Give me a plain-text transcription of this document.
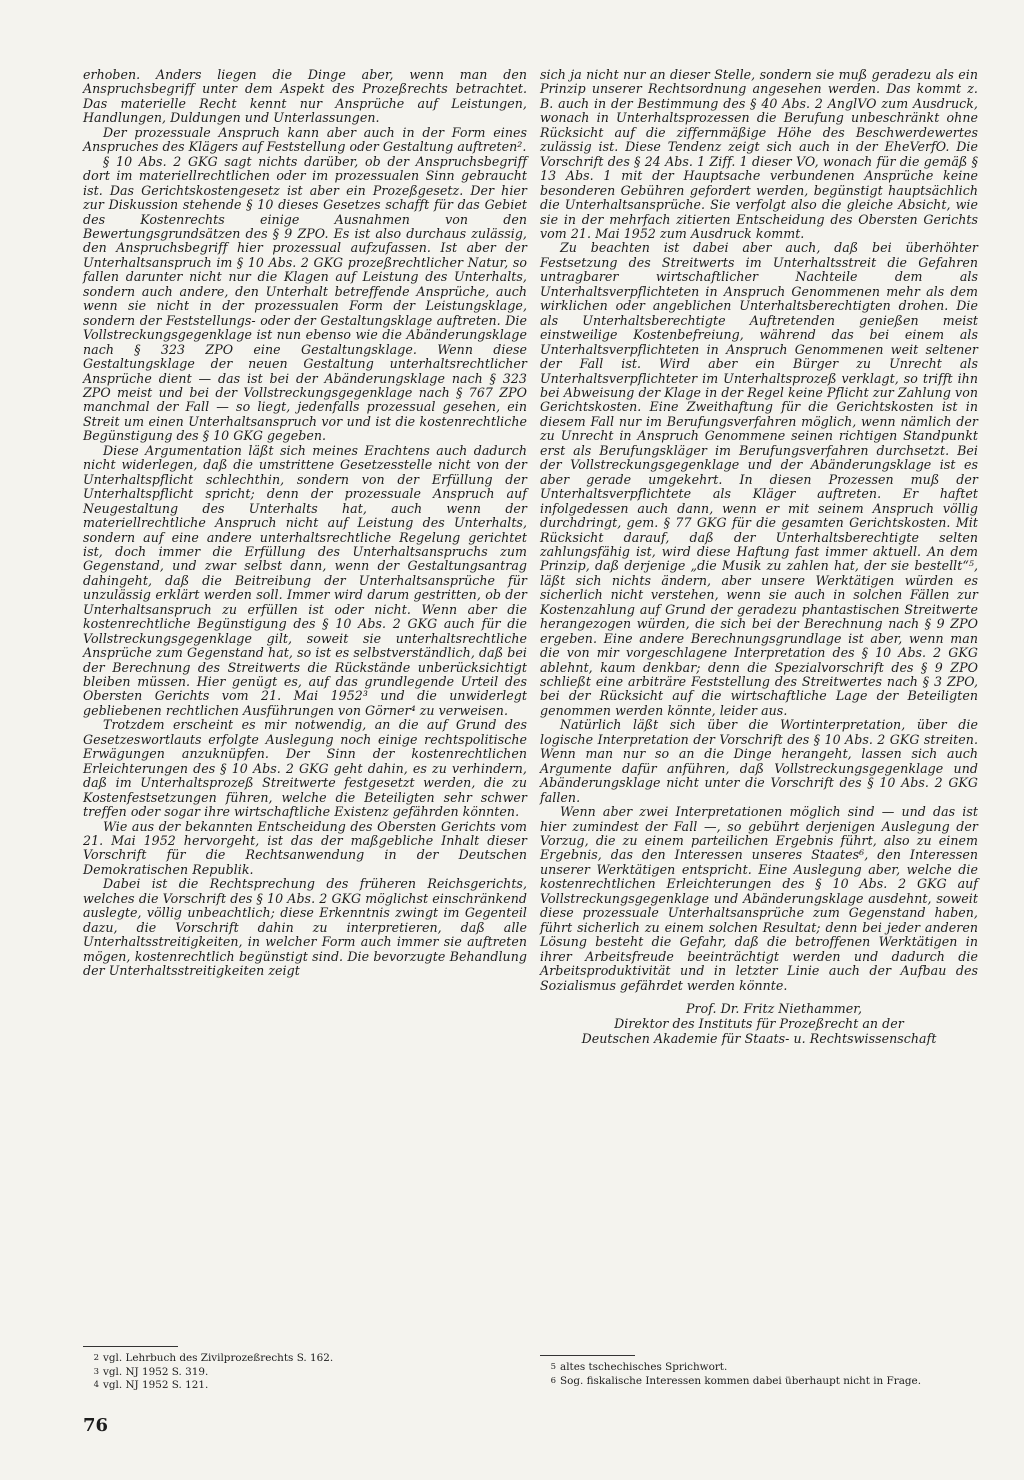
erhoben. Anders liegen die Dinge aber, wenn man den Anspruchsbegriff unter dem Aspekt des Prozeßrechts betrachtet. Das materielle Recht kennt nur Ansprüche auf Leistungen, Handlungen, Duldungen und Unterlassungen.

Der prozessuale Anspruch kann aber auch in der Form eines Anspruches des Klägers auf Feststellung oder Gestaltung auftreten².

§ 10 Abs. 2 GKG sagt nichts darüber, ob der Anspruchsbegriff dort im materiellrechtlichen oder im prozessualen Sinn gebraucht ist. Das Gerichtskostengesetz ist aber ein Prozeßgesetz. Der hier zur Diskussion stehende § 10 dieses Gesetzes schafft für das Gebiet des Kostenrechts einige Ausnahmen von den Bewertungsgrundsätzen des § 9 ZPO. Es ist also durchaus zulässig, den Anspruchsbegriff hier prozessual aufzufassen. Ist aber der Unterhaltsanspruch im § 10 Abs. 2 GKG prozeßrechtlicher Natur, so fallen darunter nicht nur die Klagen auf Leistung des Unterhalts, sondern auch andere, den Unterhalt betreffende Ansprüche, auch wenn sie nicht in der prozessualen Form der Leistungsklage, sondern der Feststellungs- oder der Gestaltungsklage auftreten. Die Vollstreckungsgegenklage ist nun ebenso wie die Abänderungsklage nach § 323 ZPO eine Gestaltungsklage. Wenn diese Gestaltungsklage der neuen Gestaltung unterhaltsrechtlicher Ansprüche dient — das ist bei der Abänderungsklage nach § 323 ZPO meist und bei der Vollstreckungsgegenklage nach § 767 ZPO manchmal der Fall — so liegt, jedenfalls prozessual gesehen, ein Streit um einen Unterhaltsanspruch vor und ist die kostenrechtliche Begünstigung des § 10 GKG gegeben.

Diese Argumentation läßt sich meines Erachtens auch dadurch nicht widerlegen, daß die umstrittene Gesetzesstelle nicht von der Unterhaltspflicht schlechthin, sondern von der Erfüllung der Unterhaltspflicht spricht; denn der prozessuale Anspruch auf Neugestaltung des Unterhalts hat, auch wenn der materiellrechtliche Anspruch nicht auf Leistung des Unterhalts, sondern auf eine andere unterhaltsrechtliche Regelung gerichtet ist, doch immer die Erfüllung des Unterhaltsanspruchs zum Gegenstand, und zwar selbst dann, wenn der Gestaltungsantrag dahingeht, daß die Beitreibung der Unterhaltsansprüche für unzulässig erklärt werden soll. Immer wird darum gestritten, ob der Unterhaltsanspruch zu erfüllen ist oder nicht. Wenn aber die kostenrechtliche Begünstigung des § 10 Abs. 2 GKG auch für die Vollstreckungsgegenklage gilt, soweit sie unterhaltsrechtliche Ansprüche zum Gegenstand hat, so ist es selbstverständlich, daß bei der Berechnung des Streitwerts die Rückstände unberücksichtigt bleiben müssen. Hier genügt es, auf das grundlegende Urteil des Obersten Gerichts vom 21. Mai 1952³ und die unwiderlegt gebliebenen rechtlichen Ausführungen von Görner⁴ zu verweisen.

Trotzdem erscheint es mir notwendig, an die auf Grund des Gesetzeswortlauts erfolgte Auslegung noch einige rechtspolitische Erwägungen anzuknüpfen. Der Sinn der kostenrechtlichen Erleichterungen des § 10 Abs. 2 GKG geht dahin, es zu verhindern, daß im Unterhaltsprozeß Streitwerte festgesetzt werden, die zu Kostenfestsetzungen führen, welche die Beteiligten sehr schwer treffen oder sogar ihre wirtschaftliche Existenz gefährden könnten.

Wie aus der bekannten Entscheidung des Obersten Gerichts vom 21. Mai 1952 hervorgeht, ist das der maßgebliche Inhalt dieser Vorschrift für die Rechtsanwendung in der Deutschen Demokratischen Republik.

Dabei ist die Rechtsprechung des früheren Reichsgerichts, welches die Vorschrift des § 10 Abs. 2 GKG möglichst einschränkend auslegte, völlig unbeachtlich; diese Erkenntnis zwingt im Gegenteil dazu, die Vorschrift dahin zu interpretieren, daß alle Unterhaltsstreitigkeiten, in welcher Form auch immer sie auftreten mögen, kostenrechtlich begünstigt sind. Die bevorzugte Behandlung der Unterhaltsstreitigkeiten zeigt

sich ja nicht nur an dieser Stelle, sondern sie muß geradezu als ein Prinzip unserer Rechtsordnung angesehen werden. Das kommt z. B. auch in der Bestimmung des § 40 Abs. 2 AnglVO zum Ausdruck, wonach in Unterhaltsprozessen die Berufung unbeschränkt ohne Rücksicht auf die ziffernmäßige Höhe des Beschwerdewertes zulässig ist. Diese Tendenz zeigt sich auch in der EheVerfO. Die Vorschrift des § 24 Abs. 1 Ziff. 1 dieser VO, wonach für die gemäß § 13 Abs. 1 mit der Hauptsache verbundenen Ansprüche keine besonderen Gebühren gefordert werden, begünstigt hauptsächlich die Unterhaltsansprüche. Sie verfolgt also die gleiche Absicht, wie sie in der mehrfach zitierten Entscheidung des Obersten Gerichts vom 21. Mai 1952 zum Ausdruck kommt.

Zu beachten ist dabei aber auch, daß bei überhöhter Festsetzung des Streitwerts im Unterhaltsstreit die Gefahren untragbarer wirtschaftlicher Nachteile dem als Unterhaltsverpflichteten in Anspruch Genommenen mehr als dem wirklichen oder angeblichen Unterhaltsberechtigten drohen. Die als Unterhaltsberechtigte Auftretenden genießen meist einstweilige Kostenbefreiung, während das bei einem als Unterhaltsverpflichteten in Anspruch Genommenen weit seltener der Fall ist. Wird aber ein Bürger zu Unrecht als Unterhaltsverpflichteter im Unterhaltsprozeß verklagt, so trifft ihn bei Abweisung der Klage in der Regel keine Pflicht zur Zahlung von Gerichtskosten. Eine Zweithaftung für die Gerichtskosten ist in diesem Fall nur im Berufungsverfahren möglich, wenn nämlich der zu Unrecht in Anspruch Genommene seinen richtigen Standpunkt erst als Berufungskläger im Berufungsverfahren durchsetzt. Bei der Vollstreckungsgegenklage und der Abänderungsklage ist es aber gerade umgekehrt. In diesen Prozessen muß der Unterhaltsverpflichtete als Kläger auftreten. Er haftet infolgedessen auch dann, wenn er mit seinem Anspruch völlig durchdringt, gem. § 77 GKG für die gesamten Gerichtskosten. Mit Rücksicht darauf, daß der Unterhaltsberechtigte selten zahlungsfähig ist, wird diese Haftung fast immer aktuell. An dem Prinzip, daß derjenige „die Musik zu zahlen hat, der sie bestellt“⁵, läßt sich nichts ändern, aber unsere Werktätigen würden es sicherlich nicht verstehen, wenn sie auch in solchen Fällen zur Kostenzahlung auf Grund der geradezu phantastischen Streitwerte herangezogen würden, die sich bei der Berechnung nach § 9 ZPO ergeben. Eine andere Berechnungsgrundlage ist aber, wenn man die von mir vorgeschlagene Interpretation des § 10 Abs. 2 GKG ablehnt, kaum denkbar; denn die Spezialvorschrift des § 9 ZPO schließt eine arbiträre Feststellung des Streitwertes nach § 3 ZPO, bei der Rücksicht auf die wirtschaftliche Lage der Beteiligten genommen werden könnte, leider aus.

Natürlich läßt sich über die Wortinterpretation, über die logische Interpretation der Vorschrift des § 10 Abs. 2 GKG streiten. Wenn man nur so an die Dinge herangeht, lassen sich auch Argumente dafür anführen, daß Vollstreckungsgegenklage und Abänderungsklage nicht unter die Vorschrift des § 10 Abs. 2 GKG fallen.

Wenn aber zwei Interpretationen möglich sind — und das ist hier zumindest der Fall —, so gebührt derjenigen Auslegung der Vorzug, die zu einem parteilichen Ergebnis führt, also zu einem Ergebnis, das den Interessen unseres Staates⁶, den Interessen unserer Werktätigen entspricht. Eine Auslegung aber, welche die kostenrechtlichen Erleichterungen des § 10 Abs. 2 GKG auf Vollstreckungsgegenklage und Abänderungsklage ausdehnt, soweit diese prozessuale Unterhaltsansprüche zum Gegenstand haben, führt sicherlich zu einem solchen Resultat; denn bei jeder anderen Lösung besteht die Gefahr, daß die betroffenen Werktätigen in ihrer Arbeitsfreude beeinträchtigt werden und dadurch die Arbeitsproduktivität und in letzter Linie auch der Aufbau des Sozialismus gefährdet werden könnte.

Prof. Dr. Fritz Niethammer,
Direktor des Instituts für Prozeßrecht an der
Deutschen Akademie für Staats- u. Rechtswissenschaft
2 vgl. Lehrbuch des Zivilprozeßrechts S. 162.
3 vgl. NJ 1952 S. 319.
4 vgl. NJ 1952 S. 121.
5 altes tschechisches Sprichwort.
6 Sog. fiskalische Interessen kommen dabei überhaupt nicht in Frage.
76
